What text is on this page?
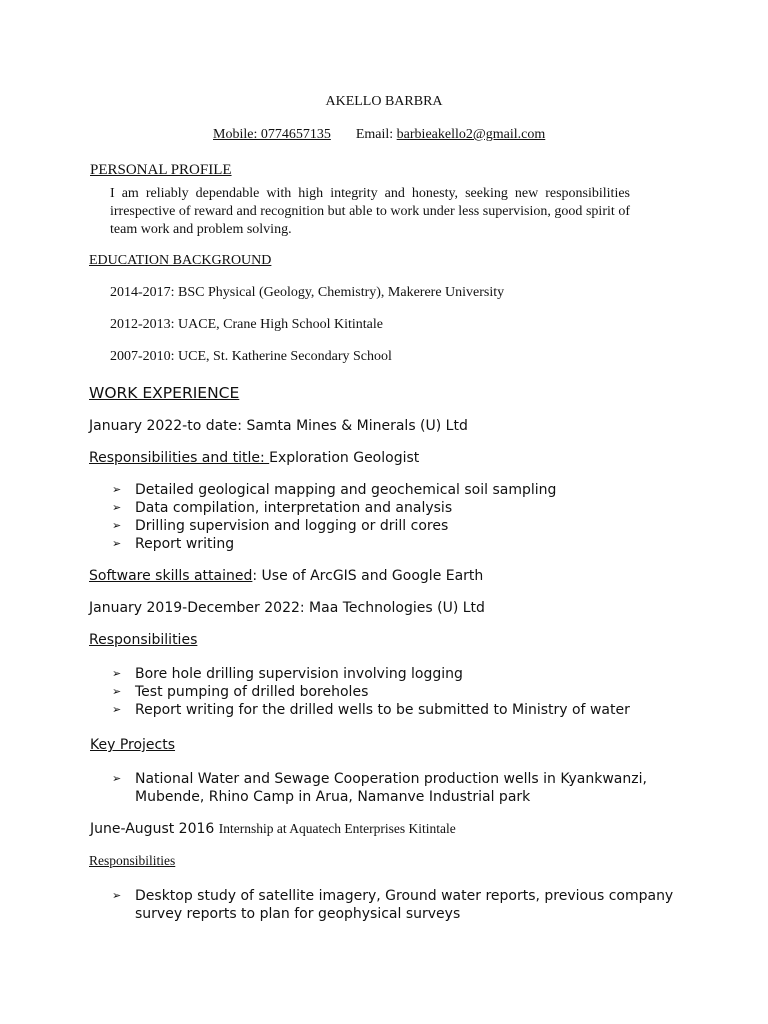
AKELLO BARBRA
Mobile: 0774657135 Email: barbieakello2@gmail.com
PERSONAL PROFILE

I am reliably dependable with high integrity and honesty, seeking new responsibilities irrespective of reward and recognition but able to work under less supervision, good spirit of team work and problem solving.

EDUCATION BACKGROUND
2014-2017: BSC Physical (Geology, Chemistry), Makerere University
2012-2013: UACE, Crane High School Kitintale
2007-2010: UCE, St. Katherine Secondary School
WORK EXPERIENCE
January 2022-to date: Samta Mines & Minerals (U) Ltd
Responsibilities and title: Exploration Geologist
➢ Detailed geological mapping and geochemical soil sampling
➢ Data compilation, interpretation and analysis
➢ Drilling supervision and logging or drill cores
➢ Report writing
Software skills attained: Use of ArcGIS and Google Earth
January 2019-December 2022: Maa Technologies (U) Ltd
Responsibilities
➢ Bore hole drilling supervision involving logging
➢ Test pumping of drilled boreholes
➢ Report writing for the drilled wells to be submitted to Ministry of water
Key Projects
➢ National Water and Sewage Cooperation production wells in Kyankwanzi, Mubende, Rhino Camp in Arua, Namanve Industrial park
June-August 2016 Internship at Aquatech Enterprises Kitintale
Responsibilities
➢ Desktop study of satellite imagery, Ground water reports, previous company survey reports to plan for geophysical surveys
